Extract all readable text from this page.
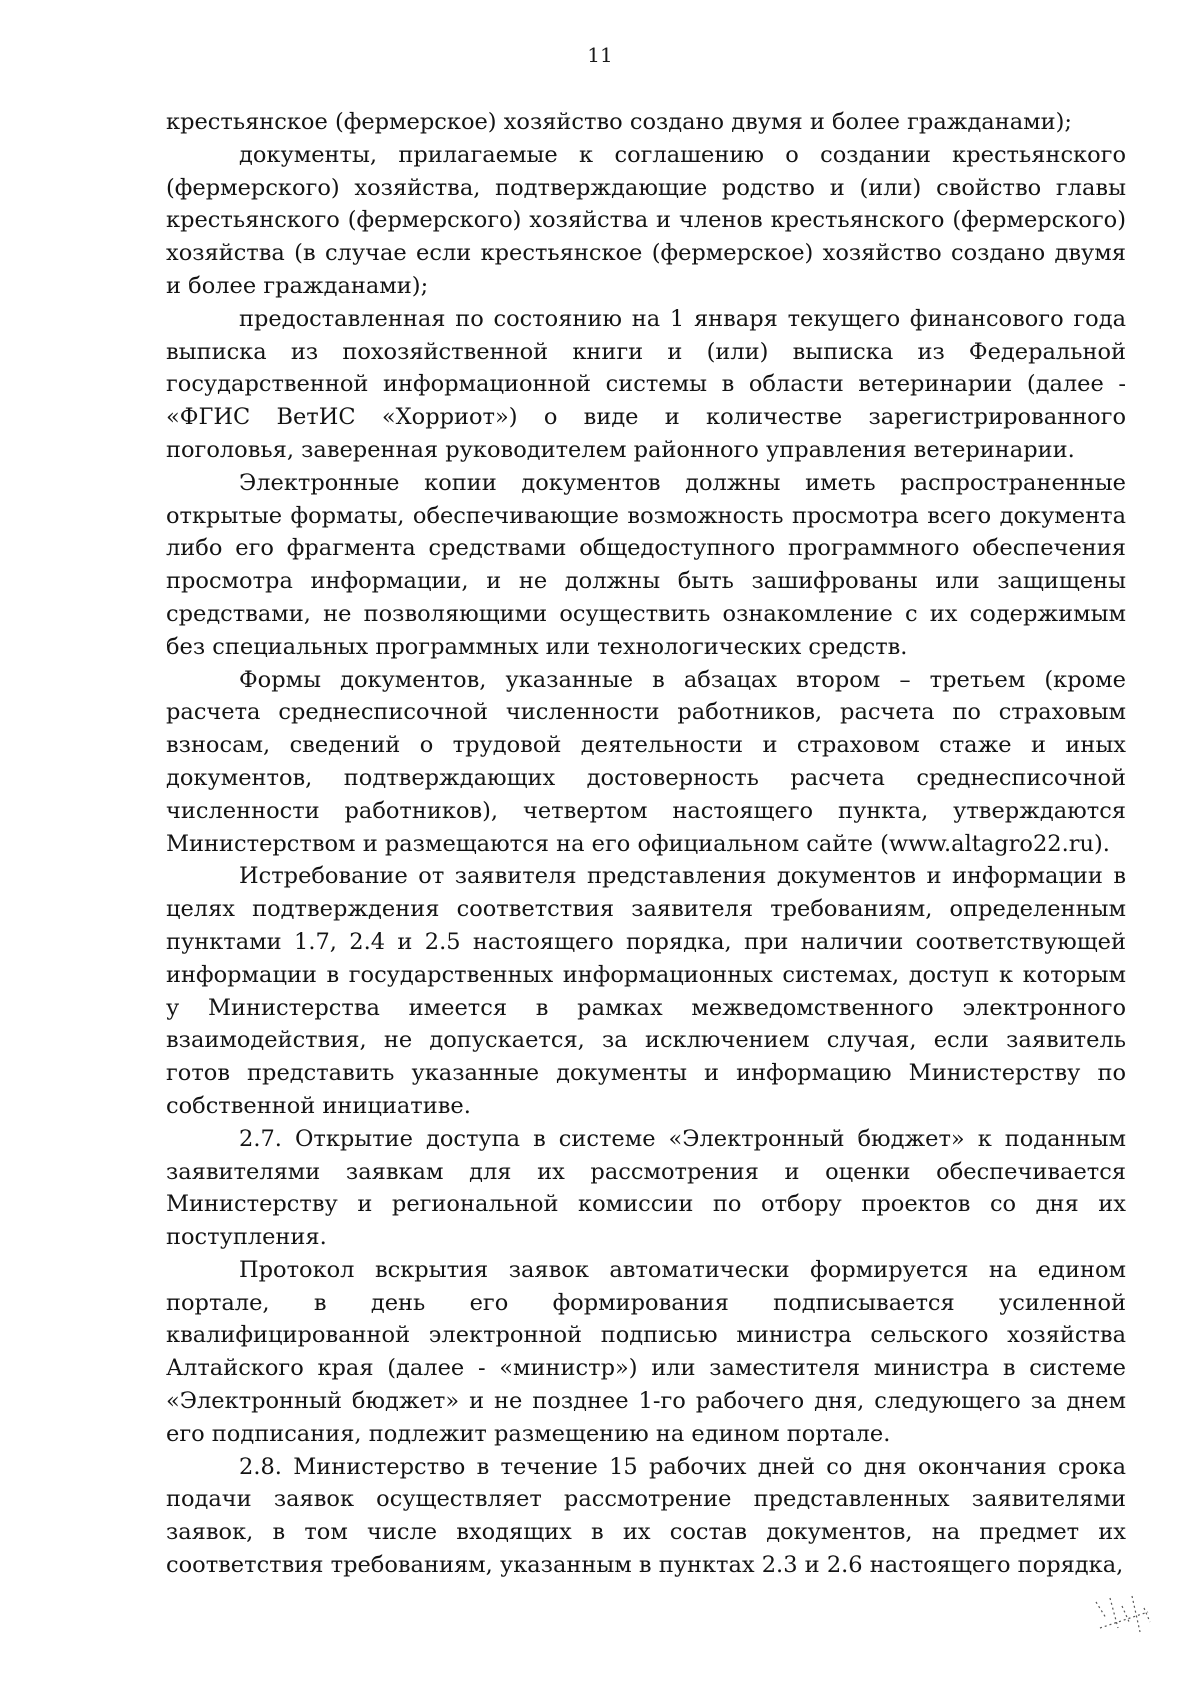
11

крестьянское (фермерское) хозяйство создано двумя и более гражданами);

документы, прилагаемые к соглашению о создании крестьянского (фермерского) хозяйства, подтверждающие родство и (или) свойство главы крестьянского (фермерского) хозяйства и членов крестьянского (фермерского) хозяйства (в случае если крестьянское (фермерское) хозяйство создано двумя и более гражданами);

предоставленная по состоянию на 1 января текущего финансового года выписка из похозяйственной книги и (или) выписка из Федеральной государственной информационной системы в области ветеринарии (далее - «ФГИС ВетИС «Хорриот») о виде и количестве зарегистрированного поголовья, заверенная руководителем районного управления ветеринарии.

Электронные копии документов должны иметь распространенные открытые форматы, обеспечивающие возможность просмотра всего документа либо его фрагмента средствами общедоступного программного обеспечения просмотра информации, и не должны быть зашифрованы или защищены средствами, не позволяющими осуществить ознакомление с их содержимым без специальных программных или технологических средств.

Формы документов, указанные в абзацах втором – третьем (кроме расчета среднесписочной численности работников, расчета по страховым взносам, сведений о трудовой деятельности и страховом стаже и иных документов, подтверждающих достоверность расчета среднесписочной численности работников), четвертом настоящего пункта, утверждаются Министерством и размещаются на его официальном сайте (www.altagro22.ru).

Истребование от заявителя представления документов и информации в целях подтверждения соответствия заявителя требованиям, определенным пунктами 1.7, 2.4 и 2.5 настоящего порядка, при наличии соответствующей информации в государственных информационных системах, доступ к которым у Министерства имеется в рамках межведомственного электронного взаимодействия, не допускается, за исключением случая, если заявитель готов представить указанные документы и информацию Министерству по собственной инициативе.

2.7. Открытие доступа в системе «Электронный бюджет» к поданным заявителями заявкам для их рассмотрения и оценки обеспечивается Министерству и региональной комиссии по отбору проектов со дня их поступления.

Протокол вскрытия заявок автоматически формируется на едином портале, в день его формирования подписывается усиленной квалифицированной электронной подписью министра сельского хозяйства Алтайского края (далее - «министр») или заместителя министра в системе «Электронный бюджет» и не позднее 1-го рабочего дня, следующего за днем его подписания, подлежит размещению на едином портале.

2.8. Министерство в течение 15 рабочих дней со дня окончания срока подачи заявок осуществляет рассмотрение представленных заявителями заявок, в том числе входящих в их состав документов, на предмет их соответствия требованиям, указанным в пунктах 2.3 и 2.6 настоящего порядка,
